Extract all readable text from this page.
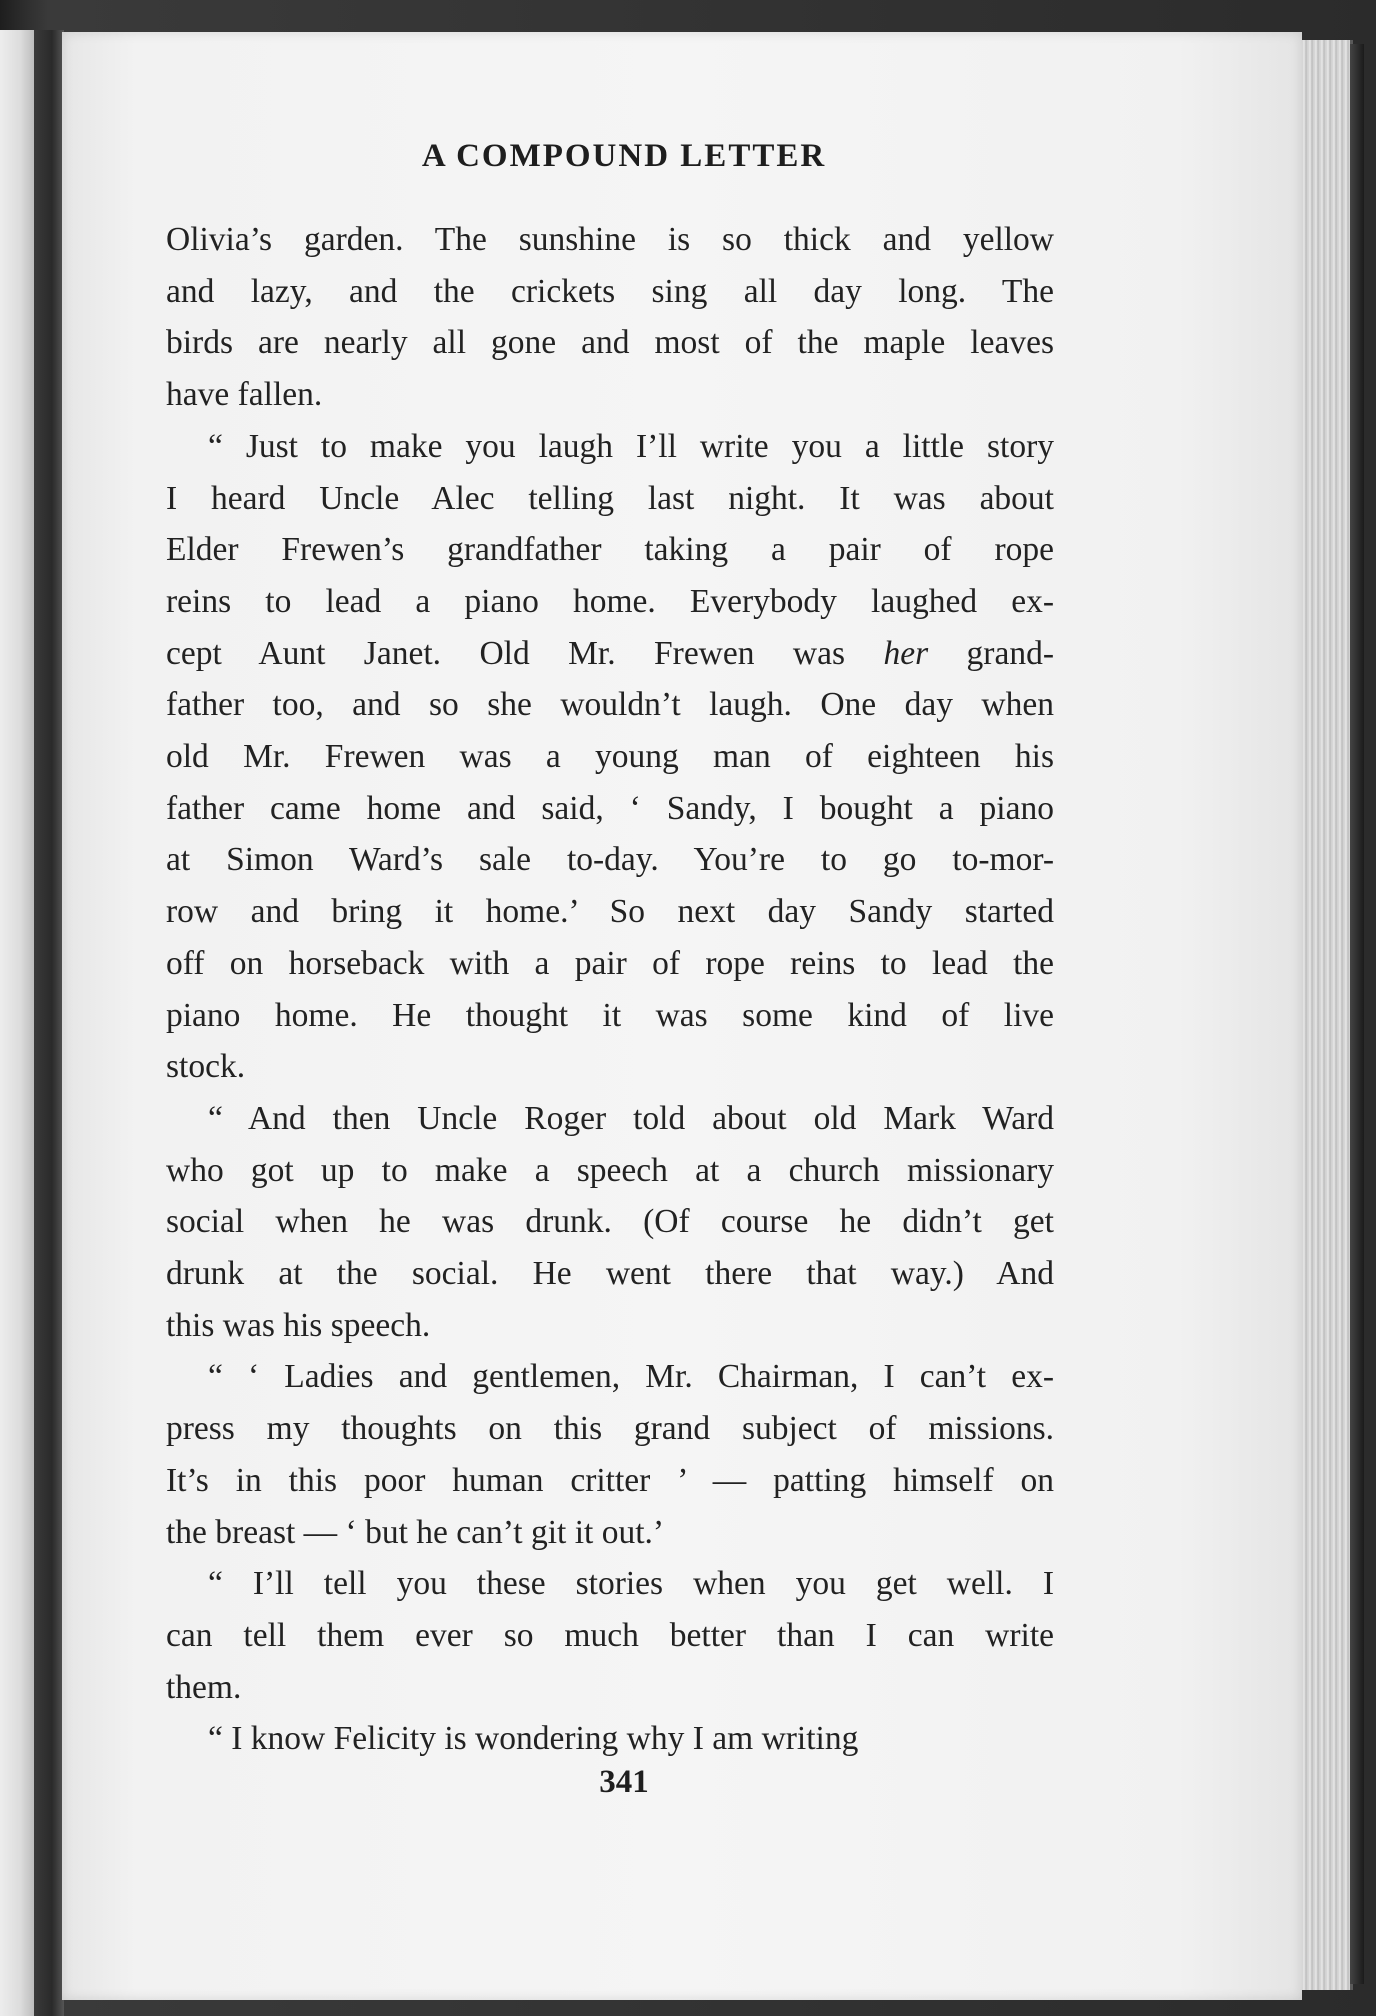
A COMPOUND LETTER
Olivia’s garden. The sunshine is so thick and yellow
and lazy, and the crickets sing all day long. The
birds are nearly all gone and most of the maple leaves
have fallen.
“ Just to make you laugh I’ll write you a little story
I heard Uncle Alec telling last night. It was about
Elder Frewen’s grandfather taking a pair of rope
reins to lead a piano home. Everybody laughed ex-
cept Aunt Janet. Old Mr. Frewen was her grand-
father too, and so she wouldn’t laugh. One day when
old Mr. Frewen was a young man of eighteen his
father came home and said, ‘ Sandy, I bought a piano
at Simon Ward’s sale to-day. You’re to go to-mor-
row and bring it home.’ So next day Sandy started
off on horseback with a pair of rope reins to lead the
piano home. He thought it was some kind of live
stock.
“ And then Uncle Roger told about old Mark Ward
who got up to make a speech at a church missionary
social when he was drunk. (Of course he didn’t get
drunk at the social. He went there that way.) And
this was his speech.
“ ‘ Ladies and gentlemen, Mr. Chairman, I can’t ex-
press my thoughts on this grand subject of missions.
It’s in this poor human critter ’ — patting himself on
the breast — ‘ but he can’t git it out.’
“ I’ll tell you these stories when you get well. I
can tell them ever so much better than I can write
them.
“ I know Felicity is wondering why I am writing
341
